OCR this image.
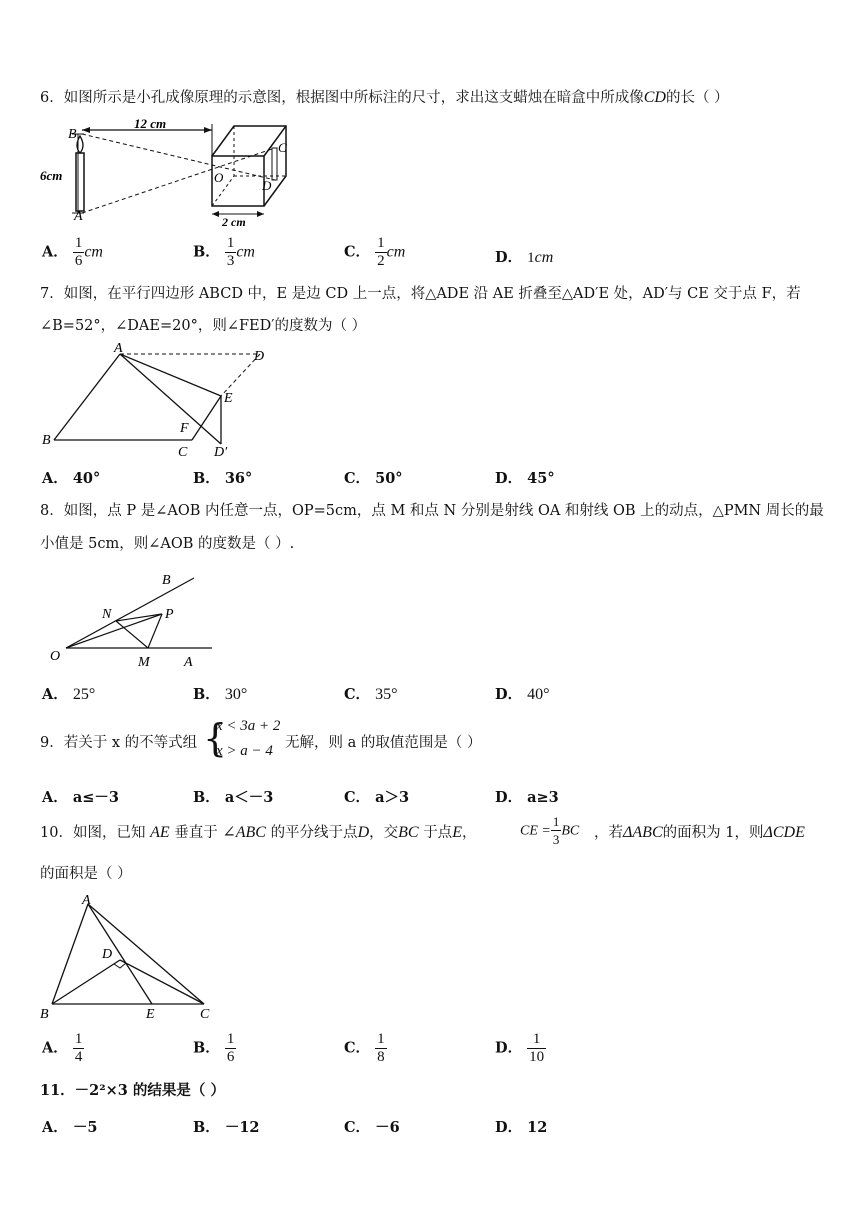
6．如图所示是小孔成像原理的示意图，根据图中所标注的尺寸，求出这支蜡烛在暗盒中所成像CD的长（ ）
6cm
B
A
12 cm
C
D
O
2 cm
A． $\frac{1}{6}$ cm	B． $\frac{1}{3}$ cm	C． $\frac{1}{2}$ cm	D． 1cm
7．如图，在平行四边形 ABCD 中，E 是边 CD 上一点，将△ADE 沿 AE 折叠至△AD′E 处，AD′与 CE 交于点 F，若
∠B=52°，∠DAE=20°，则∠FED′的度数为（ ）
A
D
E
F
B
C D′
A． 40°	B． 36°	C． 50°	D． 45°
8．如图，点 P 是∠AOB 内任意一点，OP=5cm，点 M 和点 N 分别是射线 OA 和射线 OB 上的动点，△PMN 周长的最
小值是 5cm，则∠AOB 的度数是（ ）.
B
N	P
O	M A
A． 25°	B． 30°	C． 35°	D． 40°
9．若关于 x 的不等式组 {
x < 3a + 2
x > a − 4 无解，则 a 的取值范围是（ ）
A． a≤－3	B． a＜－3	C． a＞3	D． a≥3
10．如图，已知 AE 垂直于 ∠ABC 的平分线于点D，交BC 于点E，	CE = $\frac{1}{3}$ BC ，若ΔABC的面积为 1，则ΔCDE
的面积是（ ）
A
D
B	E	C
A． $\frac{1}{4}$	B． $\frac{1}{6}$	C． $\frac{1}{8}$	D． $\frac{1}{10}$
11．－2²×3 的结果是（ ）
A． －5	B． －12	C． －6	D． 12
